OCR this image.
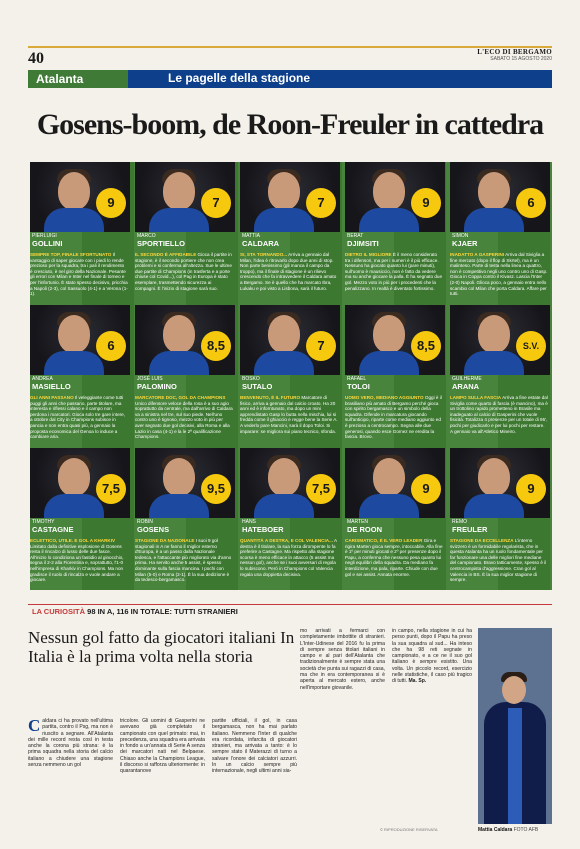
40	L'ECO DI BERGAMO
SABATO 15 AGOSTO 2020
Atalanta	Le pagelle della stagione
Gosens-boom, de Roon-Freuler in cattedra
9
PIERLUIGI
GOLLINI
SEMPRE TOP, FINALE SFORTUNATO Il vantaggio di saper giocare con i piedi lo rende prezioso per la squadra, tra i pali il rendimento è cresciuto, è nel giro della Nazionale. Pesante gli errori con Milan e Inter nel finale di torneo e per l'infortunio. È stato spesso decisivo, pricchia a Napoli (2-3), col Sassuolo (4-1) e a Verona (1-1).
7
MARCO
SPORTIELLO
IL SECONDO È AFFIDABILE Gioca il partite in stagione, è il secondo portiere che non crea problemi e si conferma all'altezza. Sue le ultime due partite di Champions (in trasferta e a porte chiuse col Covid...), col Pag in Europa è stato esemplare, trasmettendo sicurezza ai compagni. È l'inizio di stagione sarà suo.
7
MATTIA
CALDARA
SI, STA TORNANDO... Arriva a gennaio dal Milan, l'idea è ritrovarlo dopo due anni di stop. Non parte benissimo (gli manca il campo da troppo), ma il finale di stagione è un rilievo crescendo che fa intravvedere il Caldara amato a Bergamo. Se è quello che ha marcato Ibra, Lukaku e poi visto a Lisbona, sarà il futuro.
9
BERAT
DJIMSITI
DIETRO IL MIGLIORE È il meno considerato tra i difensori, ma per i numeri è il più efficace. Nessuno ha giocato quanto lui (pare minuti), sull'uomo è mausiccio, non è fatto da vedere ma su anche giocare la palla. È ha segnato due gol. Mezzo voto in più per i procedenti che la penalizzano. In realtà è diventato fortissimo.
6
SIMON
KJAER
INADATTO A GASPERINI Arriva dal Siviglia a fine mercato (dopo il flop di Skrtel), ma è un malinteso. Parte di testa nella linea a quattro, non è competitivo negli uno contro uno di Gasp. Gioca in Coppa contro il Kivasz. Lascia l'Inter (2-0) Napoli. Glioca poco, a gennaio entra nello scambio col Milan che porta Caldara. Affare per tutti.
6
ANDREA
MASIELLO
GLI ANNI PASSANO Il veleggiante come tutti puggi gli anni che passano, parte titolare, ma interesta e riflessi calano e il campo non perdona i marcatori. Gioca solo tre gare intere, a ottobre dal City in Champions subisce in pancia e non entra quasi più, a gennaio la proposta economica del Genoa lo induce a cambiare aria.
8,5
JOSÉ LUIS
PALOMINO
MARCATORE DOC, GOL DA CHAMPIONS Unico difensore veloce della rosa è a suo agio soprattutto da centrale, ma dall'arrivo di Caldara va a sinistra nel tre, sul suo piede. Nell'uno contro uno è tignoso, mezzo voto in più per aver segnato due gol decisivi, alla Roma e alla Lazio in casa (4-1) e la le 2ª qualificazione Champions.
7
BOSKO
SUTALO
BENVENUTO, È IL FUTURO Marcatore di fisico, arriva a gennaio dal calcio croato. Ha 20 anni ed è inforntunato, ma dopo un mini apprendistato Gasp lo butta nella mischia, lui si fredda come il ghiaccio e regge bene la Serie A. A vederlo pare Mancini, sarà il dopo Toloi. Si imparare: se migliora sui piano tecnico, sfonda.
8,5
RAFAEL
TOLOI
UOMO VERO, MEDIANO AGGIUNTO Oggi è il brasiliano più amato di Bergamo perché gioca con spirito bergamasco e un simbolo della squadra. Difende in marcatura giocando sull'anticipo, riparte come mediano aggiunto ed è prezioso a centrocampo. Segna alle due generosi, quando esce Gomez ne eredita la fascia. Brovo.
S.V.
GUILHERME
ARANA
LAMPO SULLA FASCIA Arriva a fine estate dal Siviglia come quarto di fascia (è mancino), ma è un trottolino rapido prometteno in Brasile ma inadeguato al calcio di Gasperini che vuole fisicità. Totalizza 4 presenze per un totale di 95', pochi per giudicarlo e per lui pochi per restare. A gennaio va all'Atletico Mineiro.
7,5
TIMOTHY
CASTAGNE
ECLETTICO, UTILE. E GOL A KHARKIV Limitato dalla definitive esplosione di Gosens resta il rincalzo di lusso delle due fasce. All'inizio lo condiziona un fastidio al ginocchio, segna il 2-2 alla Fiorentina e, soprattutto, l'1-0 nell'impresa di Kharkiv in Champions. Ma non gradisce il ruolo di rincalzo e vuole andare a giocare.
9,5
ROBIN
GOSENS
STAGIONE DA NAZIONALE I suoi 9 gol stagionali in A ne fanno il miglior esterno d'Europa, è a un passo dalla Nazionale tedesca, e l'attaccante più migliorato via d'anno prima. Ha servito anche 5 assist, è spesso dominante sulla fascia mancina. I pochi con Milan (5-0) e Roma (2-1). È la sua dedizione è da tedesco-bergamasco.
7,5
HANS
HATEBOER
QUANTITÀ A DESTRA, E COL VALENCIA... A destra è il titolare, la sua forza dirompente lo fa preferire a Castagne. Ma rispetto alla stagione scorsa è meno efficace in attacco (5 assist ma nessun gol), anche se i suoi avversari di regola lo subiscono. Però in Champions col Valencia regala una doppietta decisiva.
9
MARTEN
DE ROON
CARISMATICO, È IL VERO LEADER Gira e rigira Marten gioca sempre, intoccabile. Alla fine è 1º per minuti giocati e 2º per presenze dopo il Papu, a conferma che nessuno pesa quanto lui negli equilibri della squadra. Da mediano fa interdizione, ma pala, riparte. Chiude con due gol e sei assist. Annata enorme.
9
REMO
FREULER
STAGIONE DA ECCELLENZA L'interno svizzero è un formidabile regolarista, che in questa Atalanta ha un ruolo fondamentale per far funzionare una delle migliori fine mediane del campionato. Bravo tatticamente, spesso è il centrocampista d'aggressione. Cran gol al Valencia in BS. È la sua miglior stagione di sempre.
LA CURIOSITÀ 98 IN A, 116 IN TOTALE: TUTTI STRANIERI
Nessun gol fatto da giocatori italiani In Italia è la prima volta nella storia
Caldara ci ha provato nell'ultima partita, contro il Psg, ma non è riuscito a segnare. All'Atalanta dei mille record resta così in testa anche la corona più strana: è la prima squadra nella storia del calcio italiano a chiudere una stagione senza nemmeno un gol
tricolore. Gli uomini di Gasperini ne avevano già completato il campionato con quel primato: mai, in precedenza, una squadra era arrivata in fondo a un'annata di Serie A senza dei marcatori nati nel Belpaese. Chiaso anche la Champions League, il discorso si rafforza ulteriormente: in quarantanove
partite ufficiali, il gol, in casa bergamasca, non ha mai parlato italiano. Nemmeno l'Inter di qualche era ricordata, infarcita di giocatori stranieri, ma arrivata a tanto: è lo sempre stato il Materazzi di turno a salvare l'onore dei calciatori azzurri. In un calcio sempre più internazionale, negli ultimi anni sia-
mo arrivati a fermarci con completamente imbottite di stranieri. L'Inter-Udinese del 2016 fu la prima di sempre senza titolari italiani in campo e al pari dell'Atalanta che tradizionalmente è sempre stata una società che punta sui ragazzi di casa, ma che in era contemporanea si è aperta al mercato estero, anche nell'importare giovanile.
in campo, nella stagione in cui ha perso punti, dopo il Papu ha preso la sua squadra al sud... Ha inteso che ha 98 reti segnate in campionato, e a ce ne il suo gol italiano è sempre esistito. Una volta. Un piccolo record, esercizio nelle statistiche, il caso più tragico di tutti. Ma. Sp.
© RIPRODUZIONE RISERVATA	Mattia Caldara FOTO AFB
